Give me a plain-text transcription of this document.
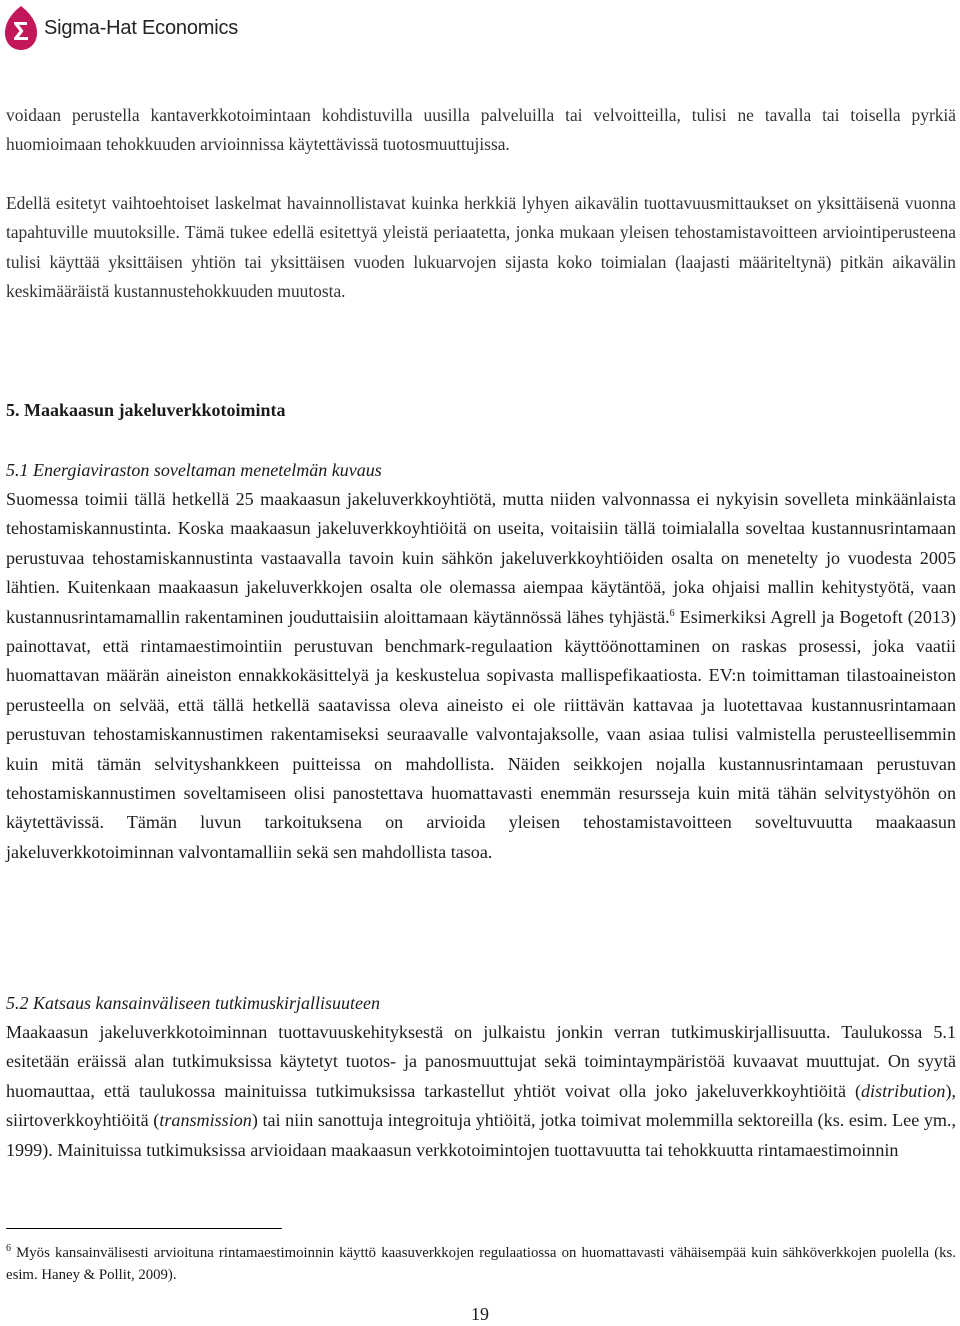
Sigma-Hat Economics

voidaan perustella kantaverkkotoimintaan kohdistuvilla uusilla palveluilla tai velvoitteilla, tulisi ne tavalla tai toisella pyrkiä huomioimaan tehokkuuden arvioinnissa käytettävissä tuotosmuuttujissa.

Edellä esitetyt vaihtoehtoiset laskelmat havainnollistavat kuinka herkkiä lyhyen aikavälin tuottavuusmittaukset on yksittäisenä vuonna tapahtuville muutoksille. Tämä tukee edellä esitettyä yleistä periaatetta, jonka mukaan yleisen tehostamistavoitteen arviointiperusteena tulisi käyttää yksittäisen yhtiön tai yksittäisen vuoden lukuarvojen sijasta koko toimialan (laajasti määriteltynä) pitkän aikavälin keskimääräistä kustannustehokkuuden muutosta.

5. Maakaasun jakeluverkkotoiminta
5.1 Energiaviraston soveltaman menetelmän kuvaus

Suomessa toimii tällä hetkellä 25 maakaasun jakeluverkkoyhtiötä, mutta niiden valvonnassa ei nykyisin sovelleta minkäänlaista tehostamiskannustinta. Koska maakaasun jakeluverkkoyhtiöitä on useita, voitaisiin tällä toimialalla soveltaa kustannusrintamaan perustuvaa tehostamiskannustinta vastaavalla tavoin kuin sähkön jakeluverkkoyhtiöiden osalta on menetelty jo vuodesta 2005 lähtien. Kuitenkaan maakaasun jakeluverkkojen osalta ole olemassa aiempaa käytäntöä, joka ohjaisi mallin kehitystyötä, vaan kustannusrintamamallin rakentaminen jouduttaisiin aloittamaan käytännössä lähes tyhjästä.$^6$ Esimerkiksi Agrell ja Bogetoft (2013) painottavat, että rintamaestimointiin perustuvan benchmark-regulaation käyttöönottaminen on raskas prosessi, joka vaatii huomattavan määrän aineiston ennakkokäsittelyä ja keskustelua sopivasta mallispefikaatiosta. EV:n toimittaman tilastoaineiston perusteella on selvää, että tällä hetkellä saatavissa oleva aineisto ei ole riittävän kattavaa ja luotettavaa kustannusrintamaan perustuvan tehostamiskannustimen rakentamiseksi seuraavalle valvontajaksolle, vaan asiaa tulisi valmistella perusteellisemmin kuin mitä tämän selvityshankkeen puitteissa on mahdollista. Näiden seikkojen nojalla kustannusrintamaan perustuvan tehostamiskannustimen soveltamiseen olisi panostettava huomattavasti enemmän resursseja kuin mitä tähän selvitystyöhön on käytettävissä. Tämän luvun tarkoituksena on arvioida yleisen tehostamistavoitteen soveltuvuutta maakaasun jakeluverkkotoiminnan valvontamalliin sekä sen mahdollista tasoa.

5.2 Katsaus kansainväliseen tutkimuskirjallisuuteen

Maakaasun jakeluverkkotoiminnan tuottavuuskehityksestä on julkaistu jonkin verran tutkimuskirjallisuutta. Taulukossa 5.1 esitetään eräissä alan tutkimuksissa käytetyt tuotos- ja panosmuuttujat sekä toimintaympäristöä kuvaavat muuttujat. On syytä huomauttaa, että taulukossa mainituissa tutkimuksissa tarkastellut yhtiöt voivat olla joko jakeluverkkoyhtiöitä (distribution), siirtoverkkoyhtiöitä (transmission) tai niin sanottuja integroituja yhtiöitä, jotka toimivat molemmilla sektoreilla (ks. esim. Lee ym., 1999). Mainituissa tutkimuksissa arvioidaan maakaasun verkkotoimintojen tuottavuutta tai tehokkuutta rintamaestimoinnin

$^6$ Myös kansainvälisesti arvioituna rintamaestimoinnin käyttö kaasuverkkojen regulaatiossa on huomattavasti vähäisempää kuin sähköverkkojen puolella (ks. esim. Haney & Pollit, 2009).

19
